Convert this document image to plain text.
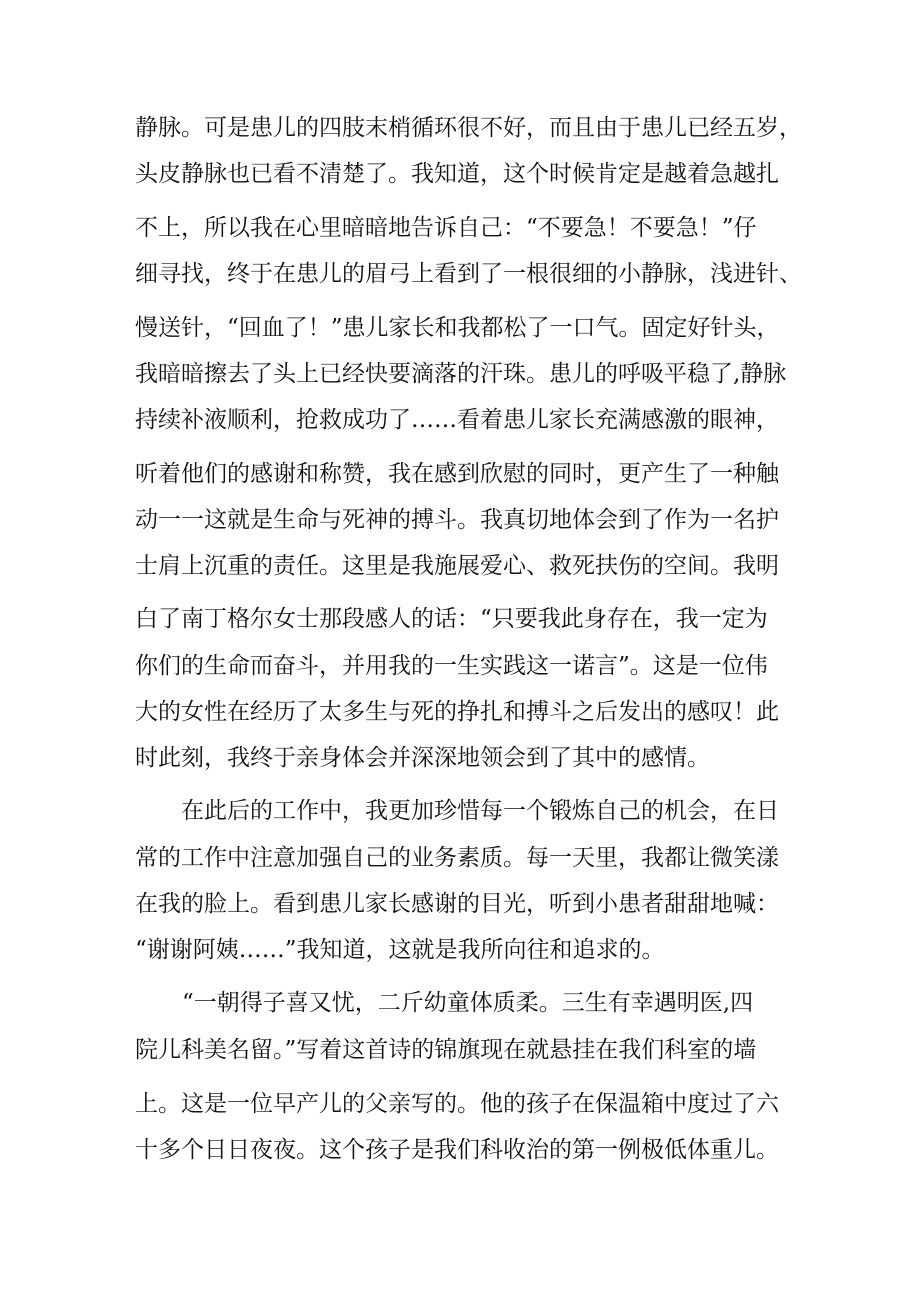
静脉。可是患儿的四肢末梢循环很不好，而且由于患儿已经五岁，
头皮静脉也已看不清楚了。我知道，这个时候肯定是越着急越扎
不上，所以我在心里暗暗地告诉自己：“不要急！不要急！”仔
细寻找，终于在患儿的眉弓上看到了一根很细的小静脉，浅进针、
慢送针，“回血了！”患儿家长和我都松了一口气。固定好针头，
我暗暗擦去了头上已经快要滴落的汗珠。患儿的呼吸平稳了,静脉
持续补液顺利，抢救成功了……看着患儿家长充满感激的眼神，
听着他们的感谢和称赞，我在感到欣慰的同时，更产生了一种触
动一一这就是生命与死神的搏斗。我真切地体会到了作为一名护
士肩上沉重的责任。这里是我施展爱心、救死扶伤的空间。我明
白了南丁格尔女士那段感人的话：“只要我此身存在，我一定为
你们的生命而奋斗，并用我的一生实践这一诺言”。这是一位伟
大的女性在经历了太多生与死的挣扎和搏斗之后发出的感叹！此
时此刻，我终于亲身体会并深深地领会到了其中的感情。
在此后的工作中，我更加珍惜每一个锻炼自己的机会，在日
常的工作中注意加强自己的业务素质。每一天里，我都让微笑漾
在我的脸上。看到患儿家长感谢的目光，听到小患者甜甜地喊：
“谢谢阿姨……”我知道，这就是我所向往和追求的。
“一朝得子喜又忧，二斤幼童体质柔。三生有幸遇明医,四
院儿科美名留。”写着这首诗的锦旗现在就悬挂在我们科室的墙
上。这是一位早产儿的父亲写的。他的孩子在保温箱中度过了六
十多个日日夜夜。这个孩子是我们科收治的第一例极低体重儿。
